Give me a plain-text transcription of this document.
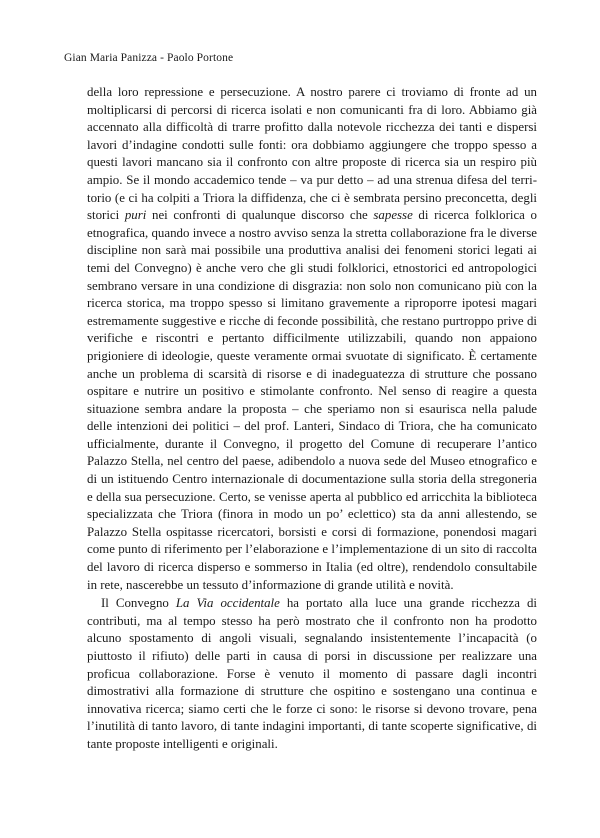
Gian Maria Panizza - Paolo Portone

della loro repressione e persecuzione. A nostro parere ci troviamo di fronte ad un moltiplicarsi di percorsi di ricerca isolati e non comunicanti fra di loro. Abbiamo già accennato alla difficoltà di trarre profitto dalla notevole ricchezza dei tanti e dispersi lavori d’indagine condotti sulle fonti: ora dobbiamo aggiungere che troppo spesso a questi lavori mancano sia il confronto con altre proposte di ricerca sia un respiro più ampio. Se il mondo accademico tende – va pur detto – ad una strenua difesa del territorio (e ci ha colpiti a Triora la diffidenza, che ci è sembrata persino preconcetta, degli storici puri nei confronti di qualunque discorso che sapesse di ricerca folklorica o etnografica, quando invece a nostro avviso senza la stretta collaborazione fra le diverse discipline non sarà mai possibile una produttiva analisi dei fenomeni storici legati ai temi del Convegno) è anche vero che gli studi folklorici, etnostorici ed antropologici sembrano versare in una condizione di disgrazia: non solo non comunicano più con la ricerca storica, ma troppo spesso si limitano gravemente a riproporre ipotesi magari estremamente suggestive e ricche di feconde possibilità, che restano purtroppo prive di verifiche e riscontri e pertanto difficilmente utilizzabili, quando non appaiono prigioniere di ideologie, queste veramente ormai svuotate di significato. È certamente anche un problema di scarsità di risorse e di inadeguatezza di strutture che possano ospitare e nutrire un positivo e stimolante confronto. Nel senso di reagire a questa situazione sembra andare la proposta – che speriamo non si esaurisca nella palude delle intenzioni dei politici – del prof. Lanteri, Sindaco di Triora, che ha comunicato ufficialmente, durante il Convegno, il progetto del Comune di recuperare l’antico Palazzo Stella, nel centro del paese, adibendolo a nuova sede del Museo etnografico e di un istituendo Centro internazionale di documentazione sulla storia della stregoneria e della sua persecuzione. Certo, se venisse aperta al pubblico ed arricchita la biblioteca specializzata che Triora (finora in modo un po’ eclettico) sta da anni allestendo, se Palazzo Stella ospitasse ricercatori, borsisti e corsi di formazione, ponendosi magari come punto di riferimento per l’elaborazione e l’implementazione di un sito di raccolta del lavoro di ricerca disperso e sommerso in Italia (ed oltre), rendendolo consultabile in rete, nascerebbe un tessuto d’informazione di grande utilità e novità.

Il Convegno La Via occidentale ha portato alla luce una grande ricchezza di contributi, ma al tempo stesso ha però mostrato che il confronto non ha prodotto alcuno spostamento di angoli visuali, segnalando insistentemente l’incapacità (o piuttosto il rifiuto) delle parti in causa di porsi in discussione per realizzare una proficua collaborazione. Forse è venuto il momento di passare dagli incontri dimostrativi alla formazione di strutture che ospitino e sostengano una continua e innovativa ricerca; siamo certi che le forze ci sono: le risorse si devono trovare, pena l’inutilità di tanto lavoro, di tante indagini importanti, di tante scoperte significative, di tante proposte intelligenti e originali.
